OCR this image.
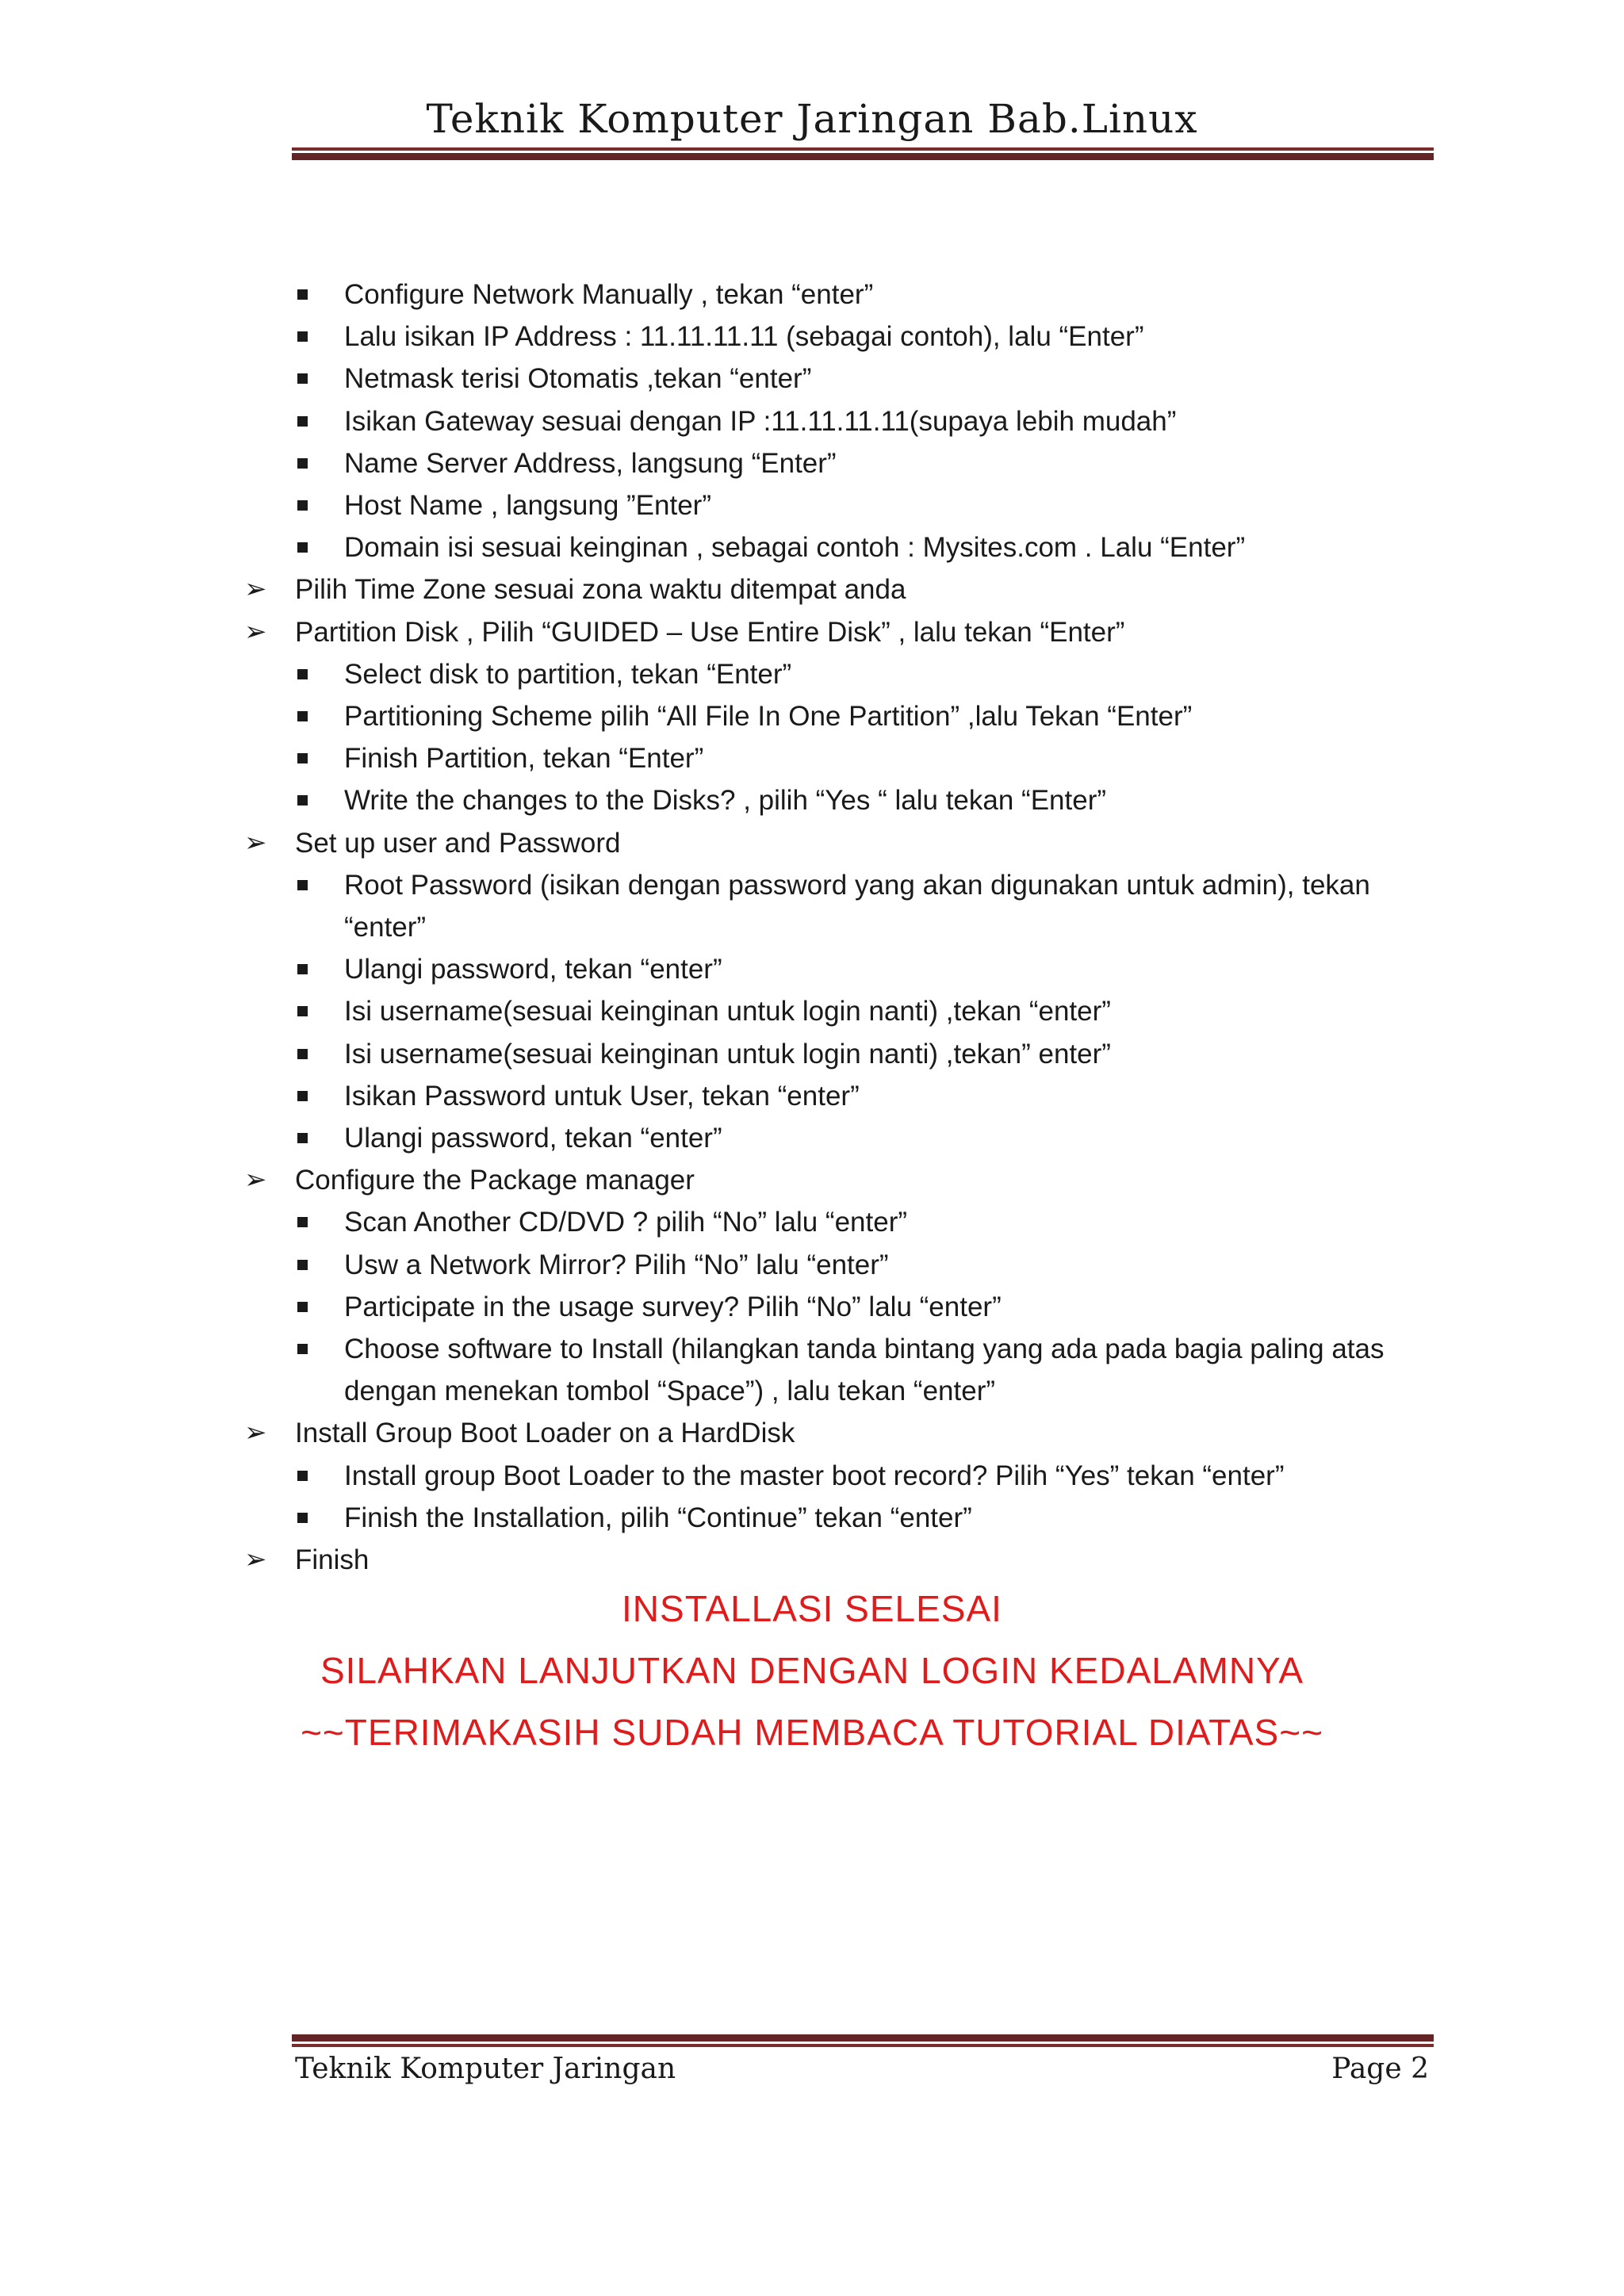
Teknik Komputer Jaringan Bab.Linux
Configure Network Manually , tekan “enter”
Lalu isikan IP Address : 11.11.11.11 (sebagai contoh), lalu “Enter”
Netmask terisi Otomatis ,tekan “enter”
Isikan Gateway sesuai dengan IP :11.11.11.11(supaya lebih mudah”
Name Server Address, langsung “Enter”
Host Name , langsung ”Enter”
Domain isi sesuai keinginan , sebagai contoh : Mysites.com . Lalu “Enter”
➢ Pilih Time Zone sesuai zona waktu ditempat anda
➢ Partition Disk , Pilih “GUIDED – Use Entire Disk” , lalu tekan “Enter”
Select disk to partition, tekan “Enter”
Partitioning Scheme pilih “All File In One Partition” ,lalu Tekan “Enter”
Finish Partition, tekan “Enter”
Write the changes to the Disks? , pilih “Yes “ lalu tekan “Enter”
➢ Set up user and Password
Root Password (isikan dengan password yang akan digunakan untuk admin), tekan “enter”
Ulangi password, tekan “enter”
Isi username(sesuai keinginan untuk login nanti) ,tekan “enter”
Isi username(sesuai keinginan untuk login nanti) ,tekan” enter”
Isikan Password untuk User, tekan “enter”
Ulangi password, tekan “enter”
➢ Configure the Package manager
Scan Another CD/DVD ? pilih “No” lalu “enter”
Usw a Network Mirror? Pilih “No” lalu “enter”
Participate in the usage survey? Pilih “No” lalu “enter”
Choose software to Install (hilangkan tanda bintang yang ada pada bagia paling atas dengan menekan tombol “Space”) , lalu tekan “enter”
➢ Install Group Boot Loader on a HardDisk
Install group Boot Loader to the master boot record? Pilih “Yes” tekan “enter”
Finish the Installation, pilih “Continue” tekan “enter”
➢ Finish
INSTALLASI SELESAI
SILAHKAN LANJUTKAN DENGAN LOGIN KEDALAMNYA
~~TERIMAKASIH SUDAH MEMBACA TUTORIAL DIATAS~~
Teknik Komputer Jaringan	Page 2
